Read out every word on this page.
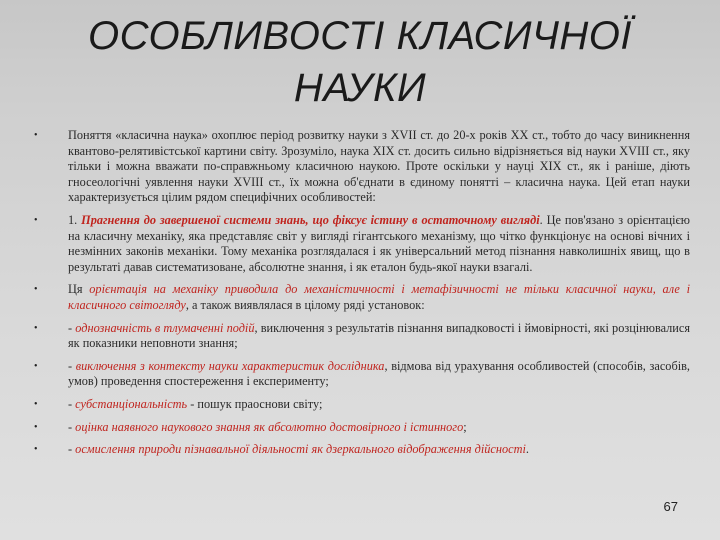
ОСОБЛИВОСТІ КЛАСИЧНОЇ
НАУКИ
• Поняття «класична наука» охоплює період розвитку науки з XVII ст. до 20-х років XX ст., тобто до часу виникнення квантово-релятивістської картини світу. Зрозуміло, наука XIX ст. досить сильно відрізняється від науки XVIII ст., яку тільки і можна вважати по-справжньому класичною наукою. Проте оскільки у науці XIX ст., як і раніше, діють гносеологічні уявлення науки XVIII ст., їх можна об'єднати в єдиному понятті – класична наука. Цей етап науки характеризується цілим рядом специфічних особливостей:
• 1. Прагнення до завершеної системи знань, що фіксує істину в остаточному вигляді. Це пов'язано з орієнтацією на класичну механіку, яка представляє світ у вигляді гігантського механізму, що чітко функціонує на основі вічних і незмінних законів механіки. Тому механіка розглядалася і як універсальний метод пізнання навколишніх явищ, що в результаті давав систематизоване, абсолютне знання, і як еталон будь-якої науки взагалі.
• Ця орієнтація на механіку приводила до механістичності і метафізичності не тільки класичної науки, але і класичного світогляду, а також виявлялася в цілому ряді установок:
• - однозначність в тлумаченні подій, виключення з результатів пізнання випадковості і ймовірності, які розцінювалися як показники неповноти знання;
• - виключення з контексту науки характеристик дослідника, відмова від урахування особливостей (способів, засобів, умов) проведення спостереження і експерименту;
• - субстанціональність - пошук праоснови світу;
• - оцінка наявного наукового знання як абсолютно достовірного і істинного;
• - осмислення природи пізнавальної діяльності як дзеркального відображення дійсності.
67
